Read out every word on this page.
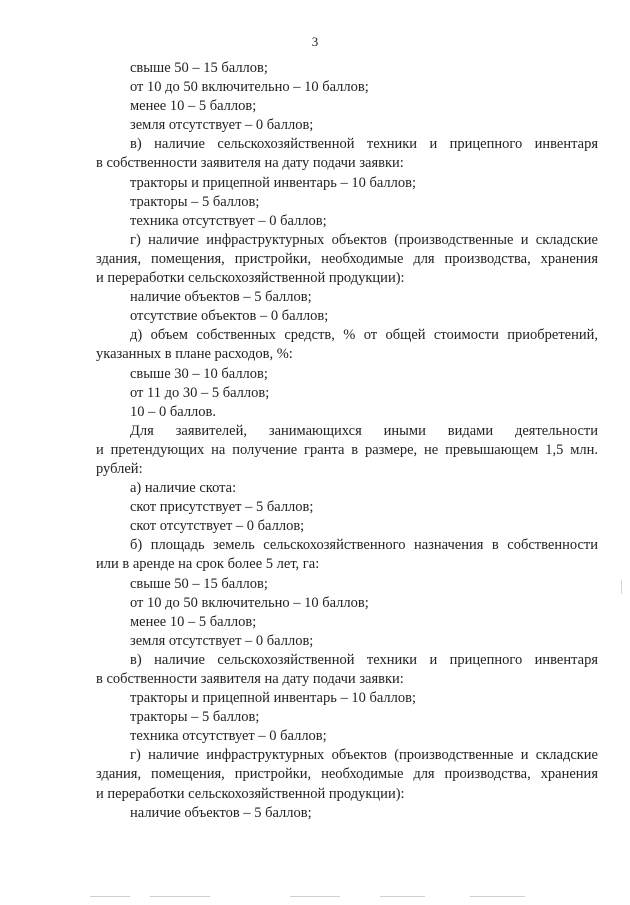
3
свыше 50 – 15 баллов;
от 10 до 50 включительно – 10 баллов;
менее 10 – 5 баллов;
земля отсутствует – 0 баллов;
в) наличие сельскохозяйственной техники и прицепного инвентаря
в собственности заявителя на дату подачи заявки:
тракторы и прицепной инвентарь – 10 баллов;
тракторы – 5 баллов;
техника отсутствует – 0 баллов;
г) наличие инфраструктурных объектов (производственные и складские
здания, помещения, пристройки, необходимые для производства, хранения
и переработки сельскохозяйственной продукции):
наличие объектов – 5 баллов;
отсутствие объектов – 0 баллов;
д) объем собственных средств, % от общей стоимости приобретений,
указанных в плане расходов, %:
свыше 30 – 10 баллов;
от 11 до 30 – 5 баллов;
10 – 0 баллов.
Для заявителей, занимающихся иными видами деятельности
и претендующих на получение гранта в размере, не превышающем 1,5 млн.
рублей:
а) наличие скота:
скот присутствует – 5 баллов;
скот отсутствует – 0 баллов;
б) площадь земель сельскохозяйственного назначения в собственности
или в аренде на срок более 5 лет, га:
свыше 50 – 15 баллов;
от 10 до 50 включительно – 10 баллов;
менее 10 – 5 баллов;
земля отсутствует – 0 баллов;
в) наличие сельскохозяйственной техники и прицепного инвентаря
в собственности заявителя на дату подачи заявки:
тракторы и прицепной инвентарь – 10 баллов;
тракторы – 5 баллов;
техника отсутствует – 0 баллов;
г) наличие инфраструктурных объектов (производственные и складские
здания, помещения, пристройки, необходимые для производства, хранения
и переработки сельскохозяйственной продукции):
наличие объектов – 5 баллов;
